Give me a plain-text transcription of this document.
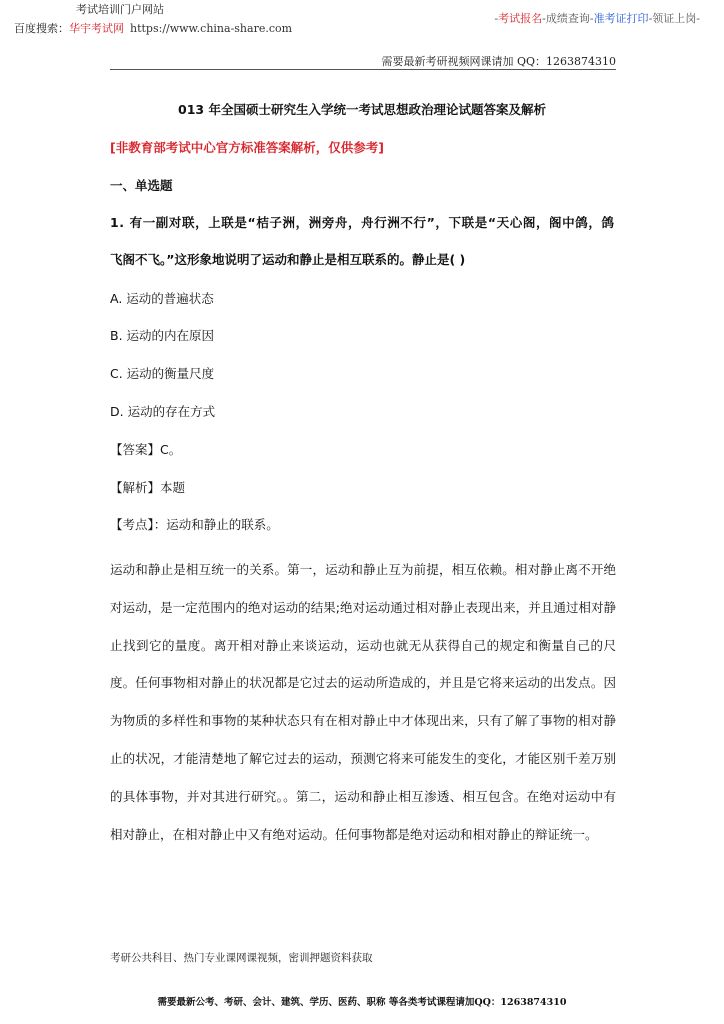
考试培训门户网站
百度搜索：华宇考试网 https://www.china-share.com
-考试报名-成绩查询-准考证打印-领证上岗-
需要最新考研视频网课请加 QQ：1263874310
013 年全国硕士研究生入学统一考试思想政治理论试题答案及解析
[非教育部考试中心官方标准答案解析，仅供参考]
一、单选题
1. 有一副对联，上联是“桔子洲，洲旁舟，舟行洲不行”，下联是“天心阁，阁中鸽，鸽
飞阁不飞。”这形象地说明了运动和静止是相互联系的。静止是( )
A. 运动的普遍状态
B. 运动的内在原因
C. 运动的衡量尺度
D. 运动的存在方式
【答案】C。
【解析】本题
【考点】：运动和静止的联系。
运动和静止是相互统一的关系。第一，运动和静止互为前提，相互依赖。相对静止离不开绝对运动，是一定范围内的绝对运动的结果;绝对运动通过相对静止表现出来，并且通过相对静止找到它的量度。离开相对静止来谈运动，运动也就无从获得自己的规定和衡量自己的尺度。任何事物相对静止的状况都是它过去的运动所造成的，并且是它将来运动的出发点。因为物质的多样性和事物的某种状态只有在相对静止中才体现出来，只有了解了事物的相对静止的状况，才能清楚地了解它过去的运动，预测它将来可能发生的变化，才能区别千差万别的具体事物，并对其进行研究。。第二，运动和静止相互渗透、相互包含。在绝对运动中有相对静止，在相对静止中又有绝对运动。任何事物都是绝对运动和相对静止的辩证统一。
考研公共科目、热门专业课网课视频，密训押题资料获取
需要最新公考、考研、会计、建筑、学历、医药、职称 等各类考试课程请加QQ：1263874310
